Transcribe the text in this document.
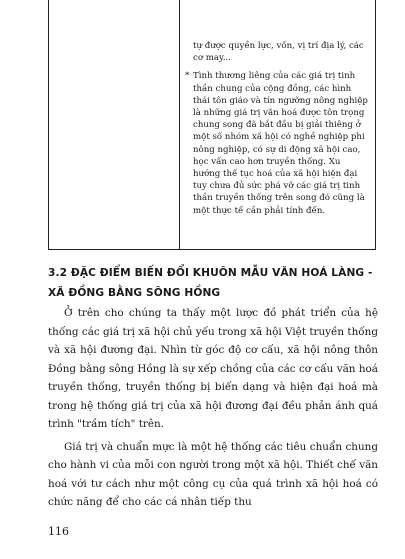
tự được quyền lực, vốn, vị trí địa lý, các cơ may...

* Tình thương liêng của các giá trị tinh thần chung của cộng đồng, các hình thái tôn giáo và tín ngưỡng nông nghiệp là những giá trị văn hoá được tôn trọng chung song đã bắt đầu bị giải thiêng ở một số nhóm xã hội có nghề nghiệp phi nông nghiệp, có sự di động xã hội cao, học vấn cao hơn truyền thống. Xu hướng thế tục hoá của xã hội hiện đại tuy chưa đủ sức phá vỡ các giá trị tinh thần truyền thống trên song đó cũng là một thực tế cần phải tính đến.

3.2 ĐẶC ĐIỂM BIẾN ĐỔI KHUÔN MẪU VĂN HOÁ LÀNG - XÃ ĐỒNG BẰNG SÔNG HỒNG

Ở trên cho chúng ta thấy một lược đồ phát triển của hệ thống các giá trị xã hội chủ yếu trong xã hội Việt truyền thống và xã hội đương đại. Nhìn từ góc độ cơ cấu, xã hội nông thôn Đồng bằng sông Hồng là sự xếp chồng của các cơ cấu văn hoá truyền thống, truyền thống bị biến dạng và hiện đại hoá mà trong hệ thống giá trị của xã hội đương đại đều phản ánh quá trình "trầm tích" trên.

Giá trị và chuẩn mực là một hệ thống các tiêu chuẩn chung cho hành vi của mỗi con người trong một xã hội. Thiết chế văn hoá với tư cách như một công cụ của quá trình xã hội hoá có chức năng để cho các cá nhân tiếp thu

116
